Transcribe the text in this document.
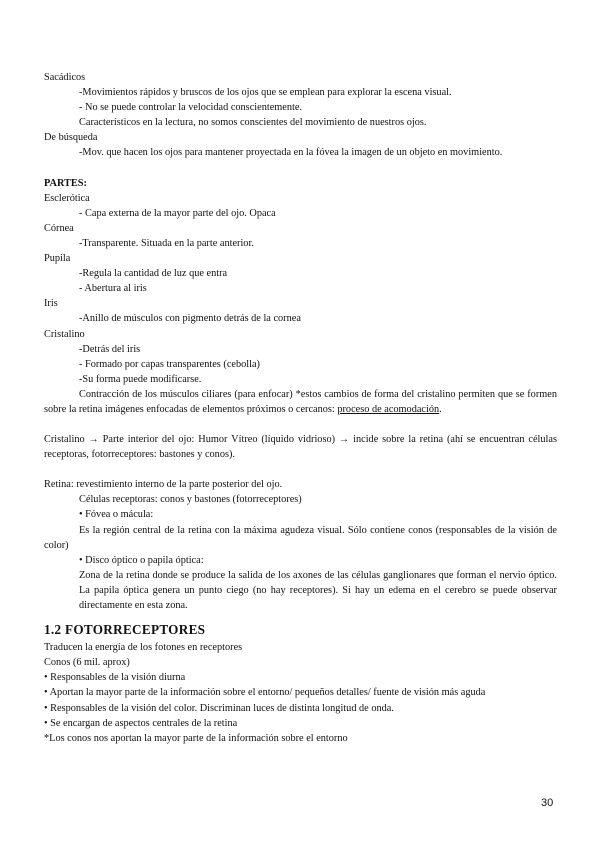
Sacádicos

-Movimientos rápidos y bruscos de los ojos que se emplean para explorar la escena visual.

- No se puede controlar la velocidad conscientemente.

Característicos en la lectura, no somos conscientes del movimiento de nuestros ojos.

De búsqueda

-Mov. que hacen los ojos para mantener proyectada en la fóvea la imagen de un objeto en movimiento.

PARTES:

Esclerótica

- Capa externa de la mayor parte del ojo. Opaca

Córnea

-Transparente. Situada en la parte anterior.

Pupila

-Regula la cantidad de luz que entra

- Abertura al iris

Iris

-Anillo de músculos con pigmento detrás de la cornea

Cristalino

-Detrás del iris

- Formado por capas transparentes (cebolla)

-Su forma puede modificarse.

Contracción de los músculos ciliares (para enfocar) *estos cambios de forma del cristalino permiten que se formen sobre la retina imágenes enfocadas de elementos próximos o cercanos: proceso de acomodación.

Cristalino → Parte interior del ojo: Humor Vítreo (líquido vidrioso) → incide sobre la retina (ahí se encuentran células receptoras, fotorreceptores: bastones y conos).

Retina: revestimiento interno de la parte posterior del ojo.

Células receptoras: conos y bastones (fotorreceptores)

• Fóvea o mácula:

Es la región central de la retina con la máxima agudeza visual. Sólo contiene conos (responsables de la visión de color)

• Disco óptico o papila óptica:

Zona de la retina donde se produce la salida de los axones de las células ganglionares que forman el nervio óptico. La papila óptica genera un punto ciego (no hay receptores). Si hay un edema en el cerebro se puede observar directamente en esta zona.

1.2 FOTORRECEPTORES

Traducen la energía de los fotones en receptores

Conos (6 mil. aprox)

• Responsables de la visión diurna

• Aportan la mayor parte de la información sobre el entorno/ pequeños detalles/ fuente de visión más aguda

• Responsables de la visión del color. Discriminan luces de distinta longitud de onda.

• Se encargan de aspectos centrales de la retina

*Los conos nos aportan la mayor parte de la información sobre el entorno

30
